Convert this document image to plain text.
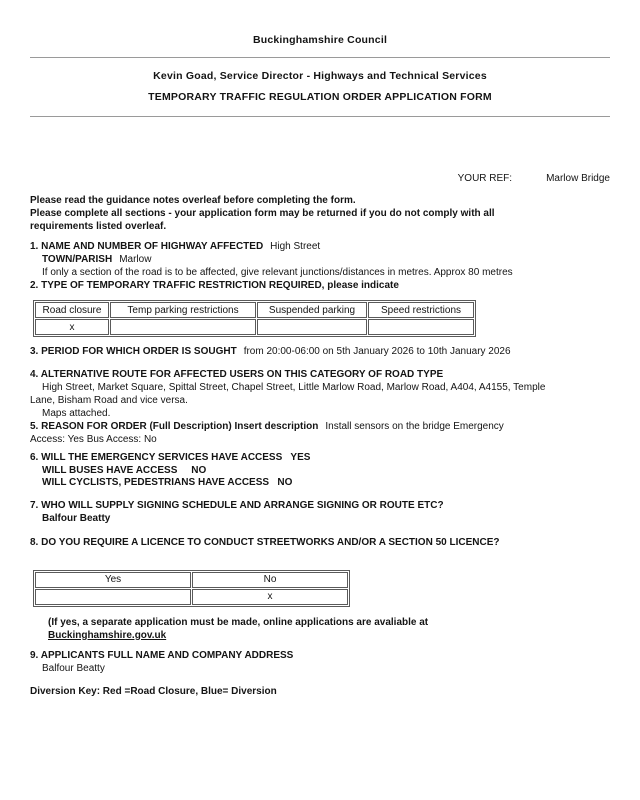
Buckinghamshire Council
Kevin Goad, Service Director - Highways and Technical Services
TEMPORARY TRAFFIC REGULATION ORDER APPLICATION FORM
YOUR REF:	Marlow Bridge
Please read the guidance notes overleaf before completing the form.
Please complete all sections - your application form may be returned if you do not comply with all
requirements listed overleaf.
1. NAME AND NUMBER OF HIGHWAY AFFECTED High Street
TOWN/PARISH Marlow
If only a section of the road is to be affected, give relevant junctions/distances in metres. Approx 80 metres
2. TYPE OF TEMPORARY TRAFFIC RESTRICTION REQUIRED, please indicate
Road closure	Temp parking restrictions	Suspended parking	Speed restrictions
x			
3. PERIOD FOR WHICH ORDER IS SOUGHT from 20:00-06:00 on 5th January 2026 to 10th January 2026
4. ALTERNATIVE ROUTE FOR AFFECTED USERS ON THIS CATEGORY OF ROAD TYPE
High Street, Market Square, Spittal Street, Chapel Street, Little Marlow Road, Marlow Road, A404, A4155, Temple
Lane, Bisham Road and vice versa.
Maps attached.
5. REASON FOR ORDER (Full Description) Insert description Install sensors on the bridge Emergency
Access: Yes Bus Access: No
6. WILL THE EMERGENCY SERVICES HAVE ACCESS   YES
WILL BUSES HAVE ACCESS     NO
WILL CYCLISTS, PEDESTRIANS HAVE ACCESS   NO
7. WHO WILL SUPPLY SIGNING SCHEDULE AND ARRANGE SIGNING OR ROUTE ETC?
Balfour Beatty
8. DO YOU REQUIRE A LICENCE TO CONDUCT STREETWORKS AND/OR A SECTION 50 LICENCE?
Yes	No
	x
(If yes, a separate application must be made, online applications are avaliable at
Buckinghamshire.gov.uk
9. APPLICANTS FULL NAME AND COMPANY ADDRESS
Balfour Beatty
Diversion Key: Red =Road Closure, Blue= Diversion
